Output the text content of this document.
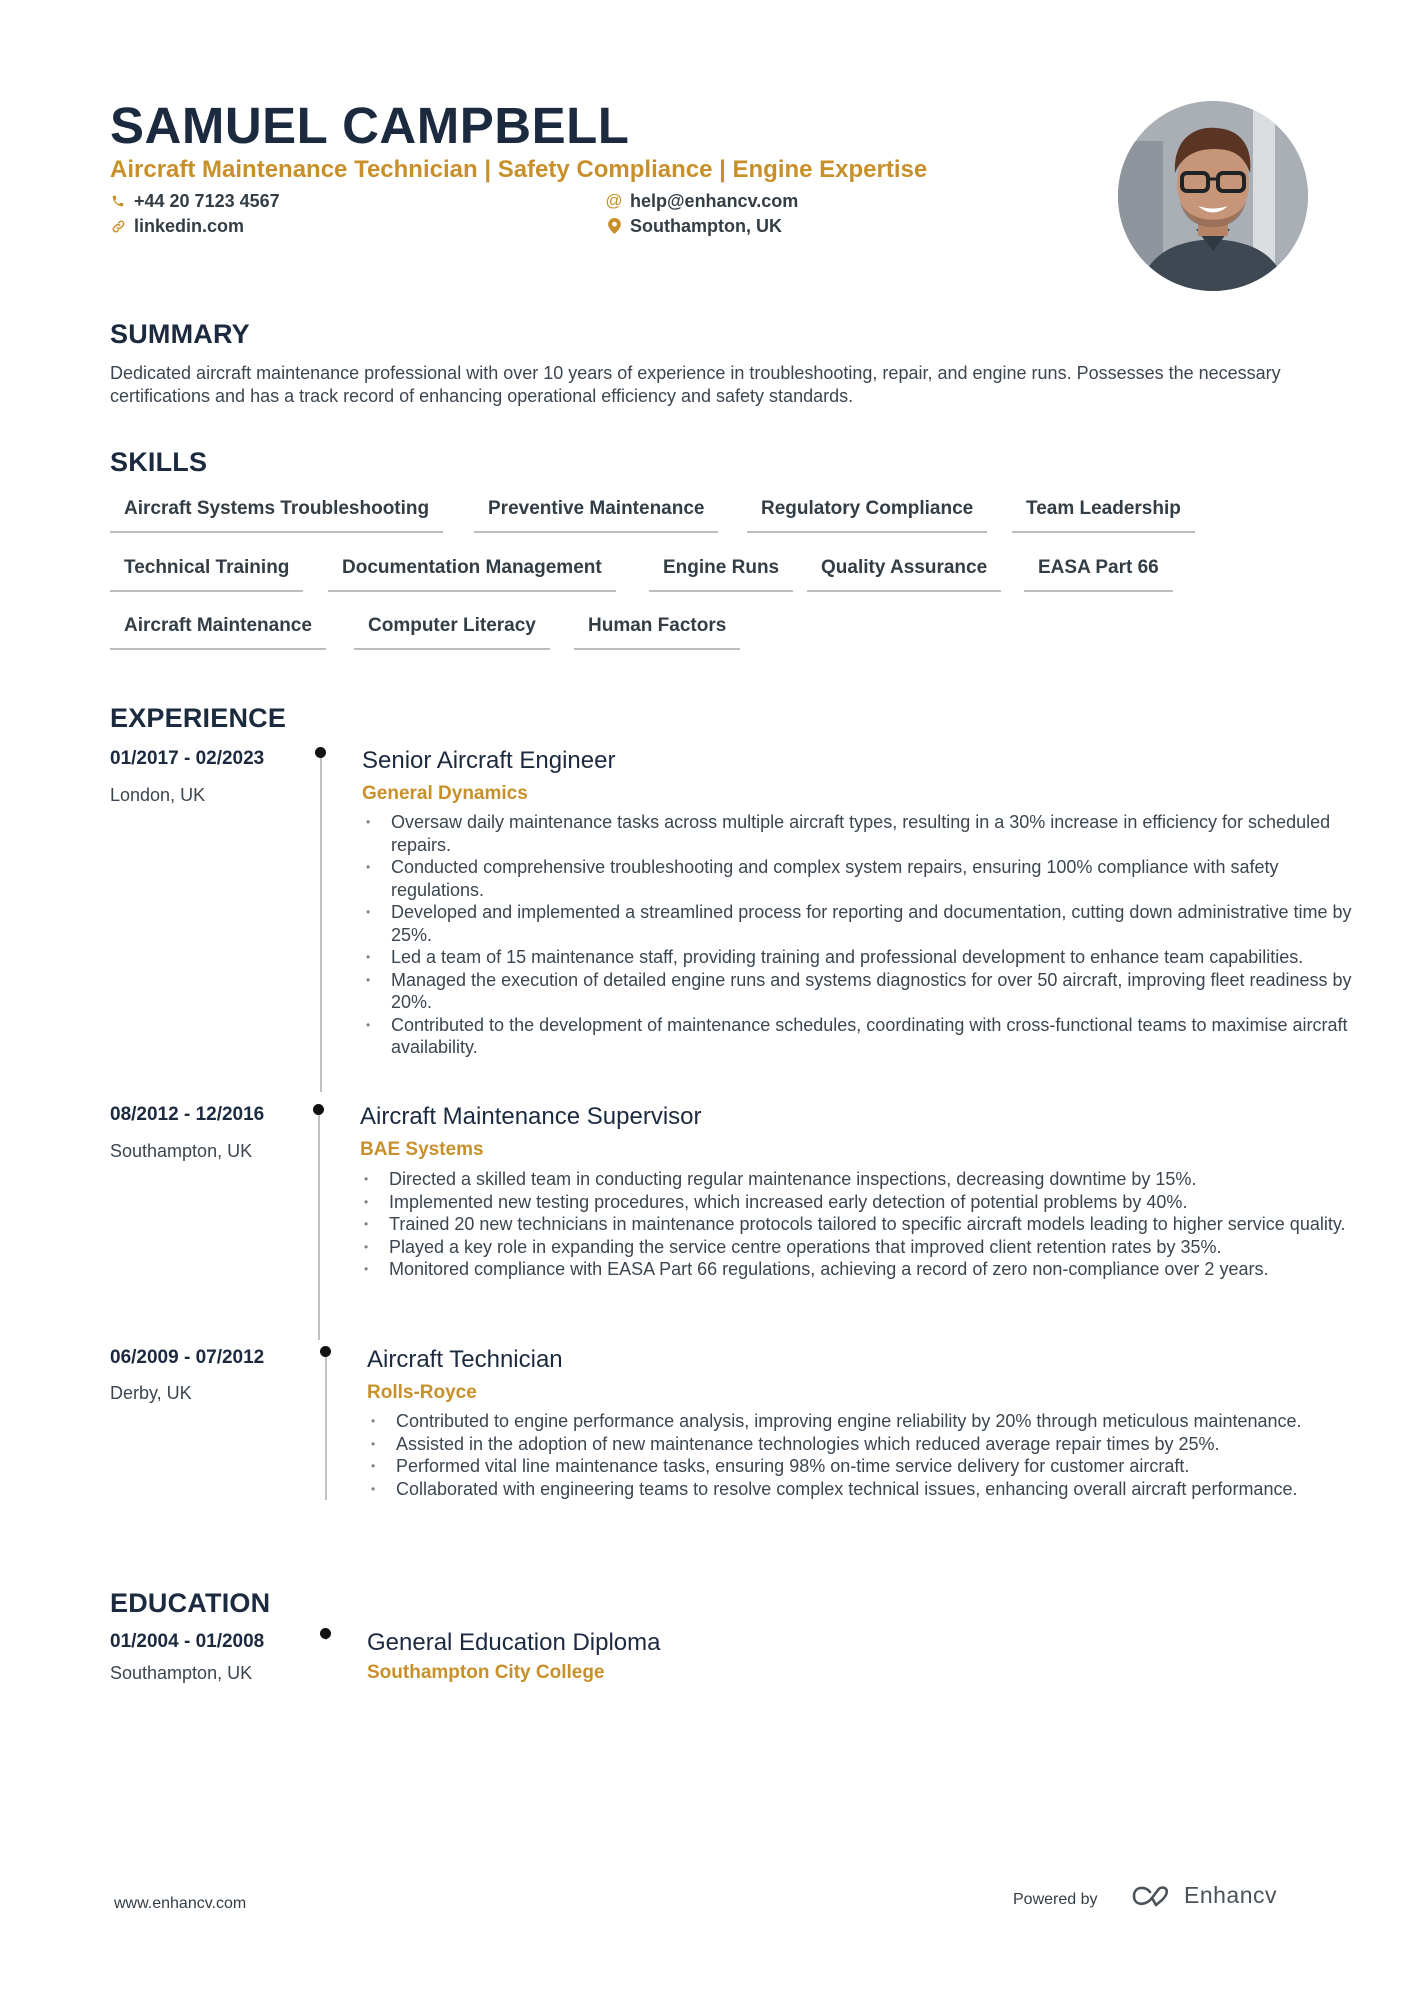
SAMUEL CAMPBELL
Aircraft Maintenance Technician | Safety Compliance | Engine Expertise
+44 20 7123 4567
linkedin.com
@ help@enhancv.com
Southampton, UK
SUMMARY

Dedicated aircraft maintenance professional with over 10 years of experience in troubleshooting, repair, and engine runs. Possesses the necessary certifications and has a track record of enhancing operational efficiency and safety standards.

SKILLS
Aircraft Systems Troubleshooting	Preventive Maintenance	Regulatory Compliance	Team Leadership
Technical Training	Documentation Management	Engine Runs	Quality Assurance	EASA Part 66
Aircraft Maintenance	Computer Literacy	Human Factors
EXPERIENCE
01/2017 - 02/2023
London, UK
Senior Aircraft Engineer
General Dynamics
• Oversaw daily maintenance tasks across multiple aircraft types, resulting in a 30% increase in efficiency for scheduled repairs.
• Conducted comprehensive troubleshooting and complex system repairs, ensuring 100% compliance with safety regulations.
• Developed and implemented a streamlined process for reporting and documentation, cutting down administrative time by 25%.
• Led a team of 15 maintenance staff, providing training and professional development to enhance team capabilities.
• Managed the execution of detailed engine runs and systems diagnostics for over 50 aircraft, improving fleet readiness by 20%.
• Contributed to the development of maintenance schedules, coordinating with cross-functional teams to maximise aircraft availability.
08/2012 - 12/2016
Southampton, UK
Aircraft Maintenance Supervisor
BAE Systems
• Directed a skilled team in conducting regular maintenance inspections, decreasing downtime by 15%.
• Implemented new testing procedures, which increased early detection of potential problems by 40%.
• Trained 20 new technicians in maintenance protocols tailored to specific aircraft models leading to higher service quality.
• Played a key role in expanding the service centre operations that improved client retention rates by 35%.
• Monitored compliance with EASA Part 66 regulations, achieving a record of zero non-compliance over 2 years.
06/2009 - 07/2012
Derby, UK
Aircraft Technician
Rolls-Royce
• Contributed to engine performance analysis, improving engine reliability by 20% through meticulous maintenance.
• Assisted in the adoption of new maintenance technologies which reduced average repair times by 25%.
• Performed vital line maintenance tasks, ensuring 98% on-time service delivery for customer aircraft.
• Collaborated with engineering teams to resolve complex technical issues, enhancing overall aircraft performance.
EDUCATION
01/2004 - 01/2008
Southampton, UK
General Education Diploma
Southampton City College
www.enhancv.com	Powered by	Enhancv
